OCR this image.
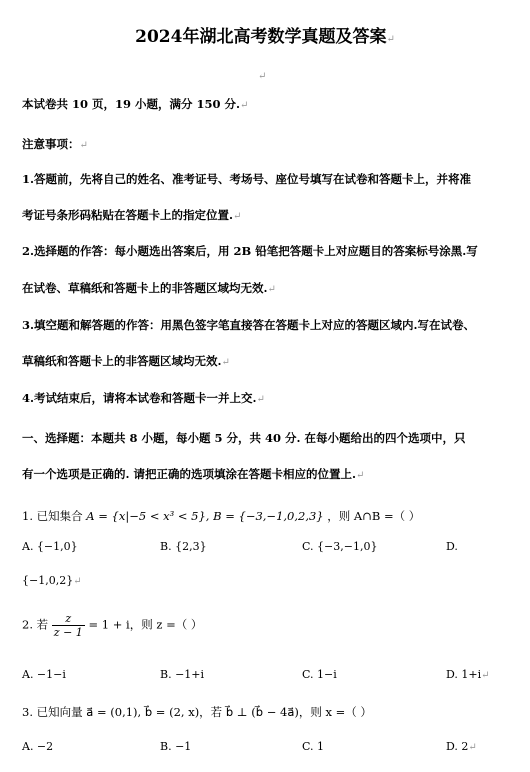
2024年湖北高考数学真题及答案↵
↵
本试卷共 10 页，19 小题，满分 150 分.↵
注意事项：↵
1.答题前，先将自己的姓名、准考证号、考场号、座位号填写在试卷和答题卡上，并将准
考证号条形码粘贴在答题卡上的指定位置.↵
2.选择题的作答：每小题选出答案后，用 2B 铅笔把答题卡上对应题目的答案标号涂黑.写
在试卷、草稿纸和答题卡上的非答题区域均无效.↵
3.填空题和解答题的作答：用黑色签字笔直接答在答题卡上对应的答题区域内.写在试卷、
草稿纸和答题卡上的非答题区域均无效.↵
4.考试结束后，请将本试卷和答题卡一并上交.↵
一、选择题：本题共 8 小题，每小题 5 分，共 40 分. 在每小题给出的四个选项中，只
有一个选项是正确的. 请把正确的选项填涂在答题卡相应的位置上.↵
1. 已知集合 A = {x|−5 < x³ < 5}, B = {−3,−1,0,2,3} ，则 A∩B =（ ）
A. {−1,0}	B. {2,3}	C. {−3,−1,0}	D.
{−1,0,2}↵
2. 若 $\frac{z}{z - 1} = 1 + i$，则 z =（ ）
A. −1−i	B. −1+i	C. 1−i	D. 1+i↵
3. 已知向量 a⃗ = (0,1), b⃗ = (2, x)，若 b⃗ ⊥ (b⃗ − 4a⃗)，则 x =（ ）
A. −2	B. −1	C. 1	D. 2↵
